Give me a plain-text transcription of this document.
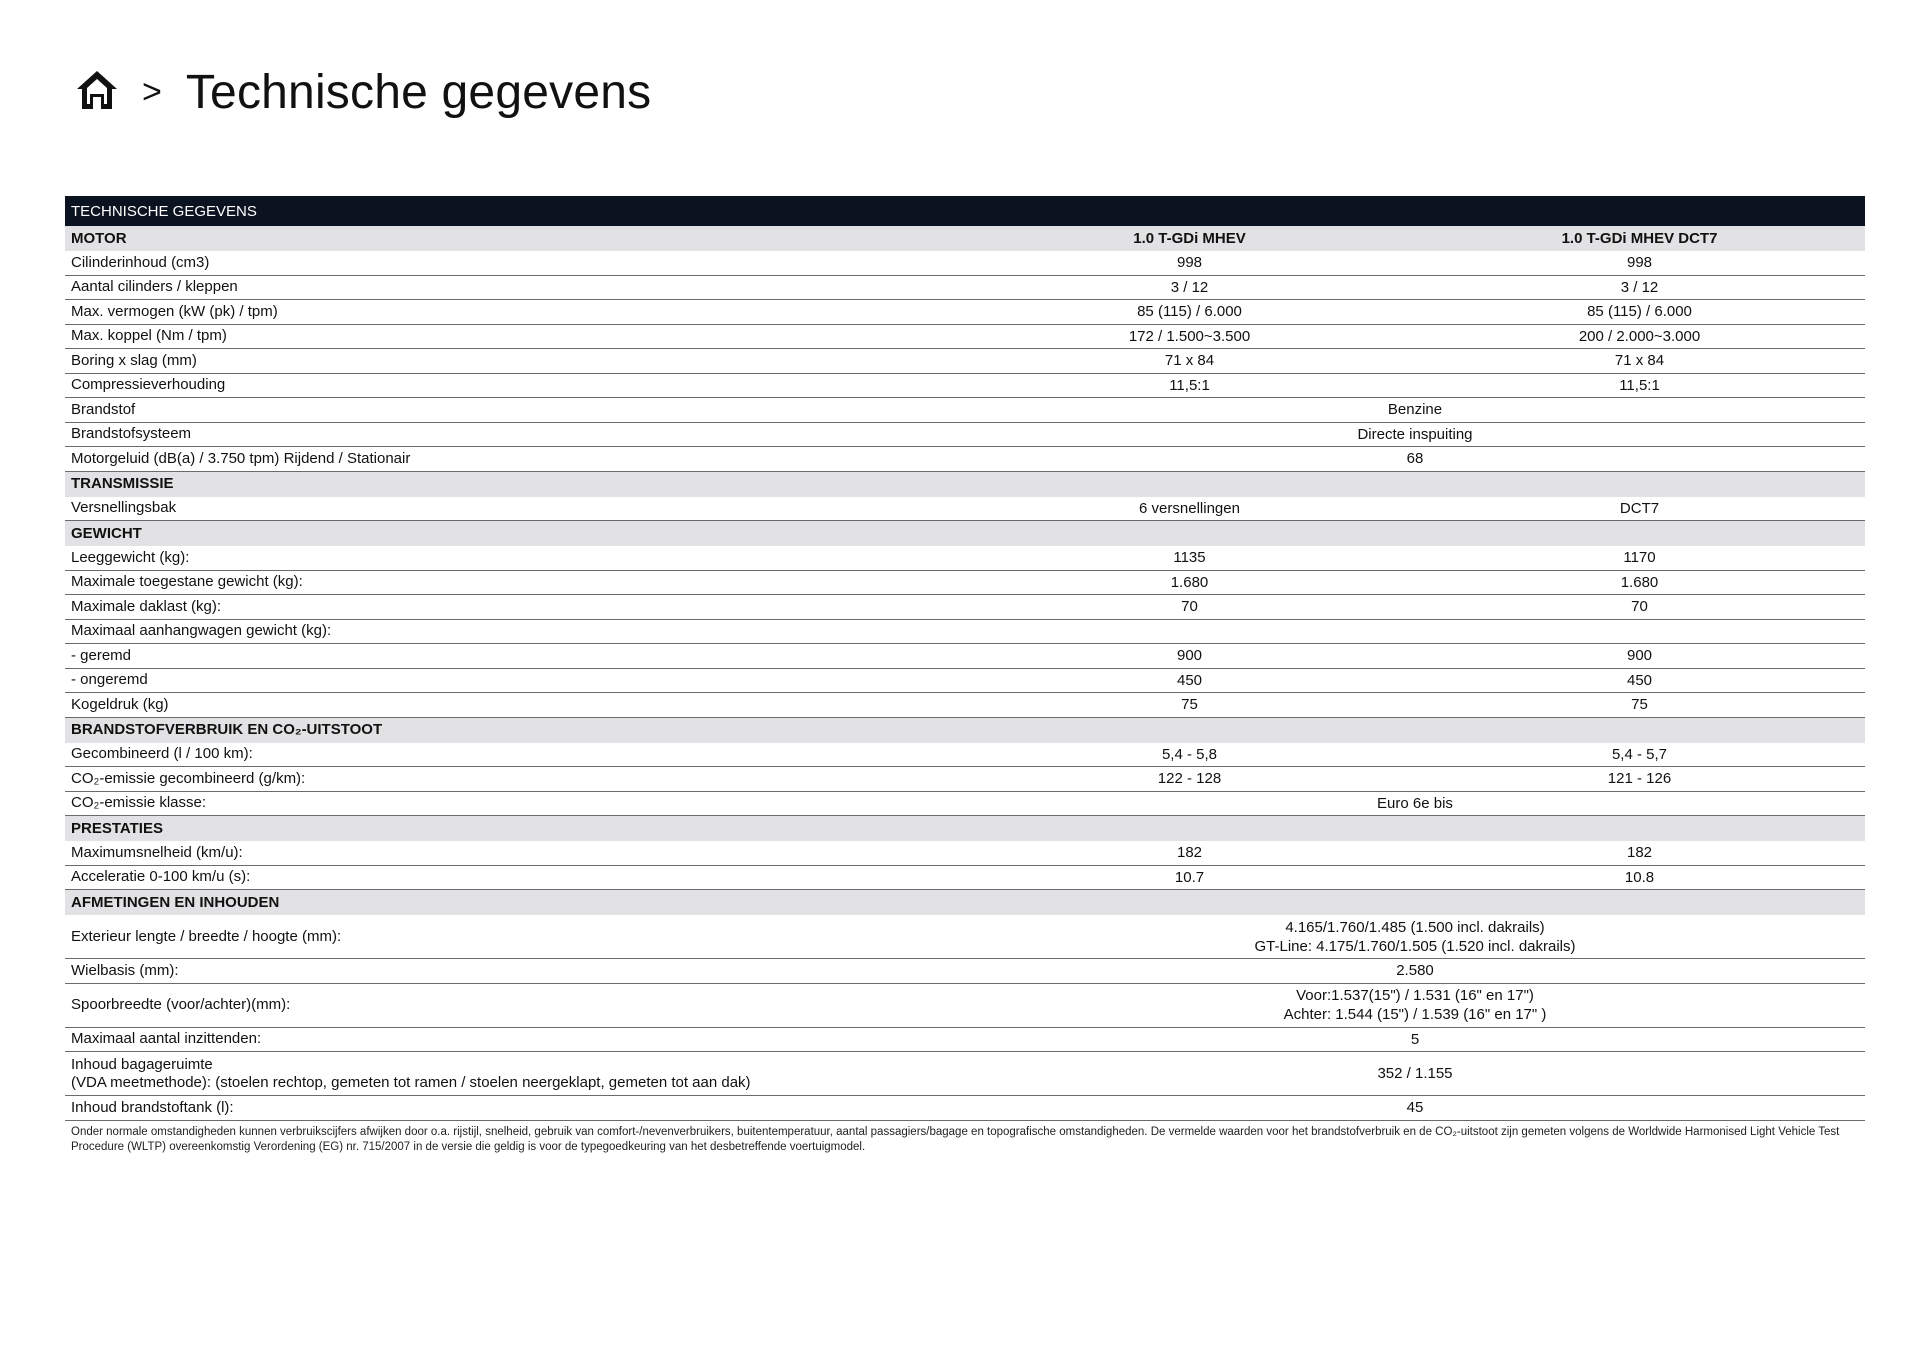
> Technische gegevens
TECHNISCHE GEGEVENS
MOTOR	1.0 T-GDi MHEV	1.0 T-GDi MHEV DCT7
Cilinderinhoud (cm3)	998	998
Aantal cilinders / kleppen	3 / 12	3 / 12
Max. vermogen (kW (pk) / tpm)	85 (115) / 6.000	85 (115) / 6.000
Max. koppel (Nm / tpm)	172 / 1.500~3.500	200 / 2.000~3.000
Boring x slag (mm)	71 x 84	71 x 84
Compressieverhouding	11,5:1	11,5:1
Brandstof	Benzine
Brandstofsysteem	Directe inspuiting
Motorgeluid (dB(a) / 3.750 tpm) Rijdend / Stationair	68
TRANSMISSIE
Versnellingsbak	6 versnellingen	DCT7
GEWICHT
Leeggewicht (kg):	1135	1170
Maximale toegestane gewicht (kg):	1.680	1.680
Maximale daklast (kg):	70	70
Maximaal aanhangwagen gewicht (kg):
- geremd	900	900
- ongeremd	450	450
Kogeldruk (kg)	75	75
BRANDSTOFVERBRUIK EN CO₂-UITSTOOT
Gecombineerd (l / 100 km):	5,4 - 5,8	5,4 - 5,7
CO₂-emissie gecombineerd (g/km):	122 - 128	121 - 126
CO₂-emissie klasse:	Euro 6e bis
PRESTATIES
Maximumsnelheid (km/u):	182	182
Acceleratie 0-100 km/u (s):	10.7	10.8
AFMETINGEN EN INHOUDEN
Exterieur lengte / breedte / hoogte (mm):
4.165/1.760/1.485 (1.500 incl. dakrails)
GT-Line: 4.175/1.760/1.505 (1.520 incl. dakrails)
Wielbasis (mm):	2.580
Spoorbreedte (voor/achter)(mm):
Voor:1.537(15") / 1.531 (16" en 17")
Achter: 1.544 (15") / 1.539 (16" en 17" )
Maximaal aantal inzittenden:	5
Inhoud bagageruimte
(VDA meetmethode): (stoelen rechtop, gemeten tot ramen / stoelen neergeklapt, gemeten tot aan dak)	352 / 1.155
Inhoud brandstoftank (l):	45
Onder normale omstandigheden kunnen verbruikscijfers afwijken door o.a. rijstijl, snelheid, gebruik van comfort-/nevenverbruikers, buitentemperatuur, aantal passagiers/bagage en topografische omstandigheden. De vermelde waarden voor het brandstofverbruik en de CO₂-uitstoot zijn gemeten volgens de Worldwide Harmonised Light Vehicle Test Procedure (WLTP) overeenkomstig Verordening (EG) nr. 715/2007 in de versie die geldig is voor de typegoedkeuring van het desbetreffende voertuigmodel.
